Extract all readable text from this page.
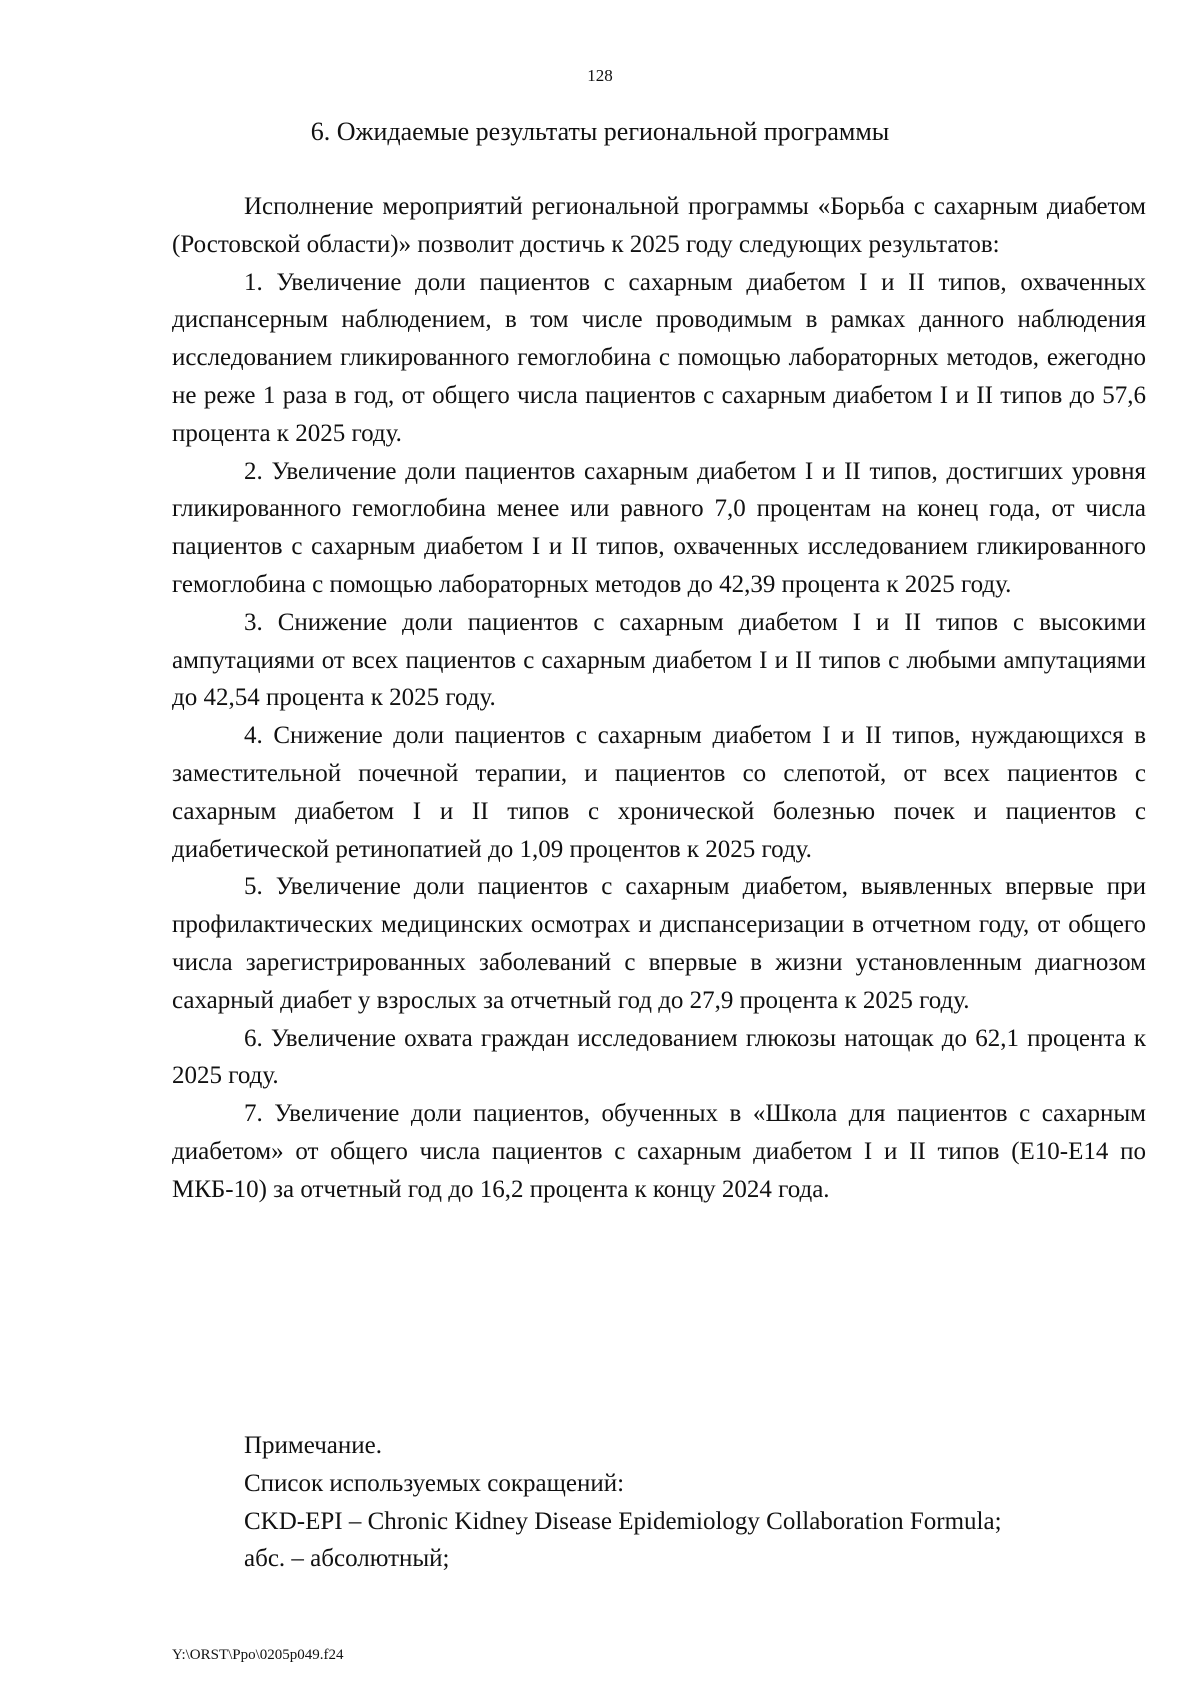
128
6. Ожидаемые результаты региональной программы

Исполнение мероприятий региональной программы «Борьба с сахарным диабетом (Ростовской области)» позволит достичь к 2025 году следующих результатов:

1. Увеличение доли пациентов с сахарным диабетом I и II типов, охваченных диспансерным наблюдением, в том числе проводимым в рамках данного наблюдения исследованием гликированного гемоглобина с помощью лабораторных методов, ежегодно не реже 1 раза в год, от общего числа пациентов с сахарным диабетом I и II типов до 57,6 процента к 2025 году.

2. Увеличение доли пациентов сахарным диабетом I и II типов, достигших уровня гликированного гемоглобина менее или равного 7,0 процентам на конец года, от числа пациентов с сахарным диабетом I и II типов, охваченных исследованием гликированного гемоглобина с помощью лабораторных методов до 42,39 процента к 2025 году.

3. Снижение доли пациентов с сахарным диабетом I и II типов с высокими ампутациями от всех пациентов с сахарным диабетом I и II типов с любыми ампутациями до 42,54 процента к 2025 году.

4. Снижение доли пациентов с сахарным диабетом I и II типов, нуждающихся в заместительной почечной терапии, и пациентов со слепотой, от всех пациентов с сахарным диабетом I и II типов с хронической болезнью почек и пациентов с диабетической ретинопатией до 1,09 процентов к 2025 году.

5. Увеличение доли пациентов с сахарным диабетом, выявленных впервые при профилактических медицинских осмотрах и диспансеризации в отчетном году, от общего числа зарегистрированных заболеваний с впервые в жизни установленным диагнозом сахарный диабет у взрослых за отчетный год до 27,9 процента к 2025 году.

6. Увеличение охвата граждан исследованием глюкозы натощак до 62,1 процента к 2025 году.

7. Увеличение доли пациентов, обученных в «Школа для пациентов с сахарным диабетом» от общего числа пациентов с сахарным диабетом I и II типов (Е10-Е14 по МКБ-10) за отчетный год до 16,2 процента к концу 2024 года.

Примечание.
Список используемых сокращений:
CKD-EPI – Chronic Kidney Disease Epidemiology Collaboration Formula;
абс. – абсолютный;
Y:\ORST\Ppo\0205p049.f24
